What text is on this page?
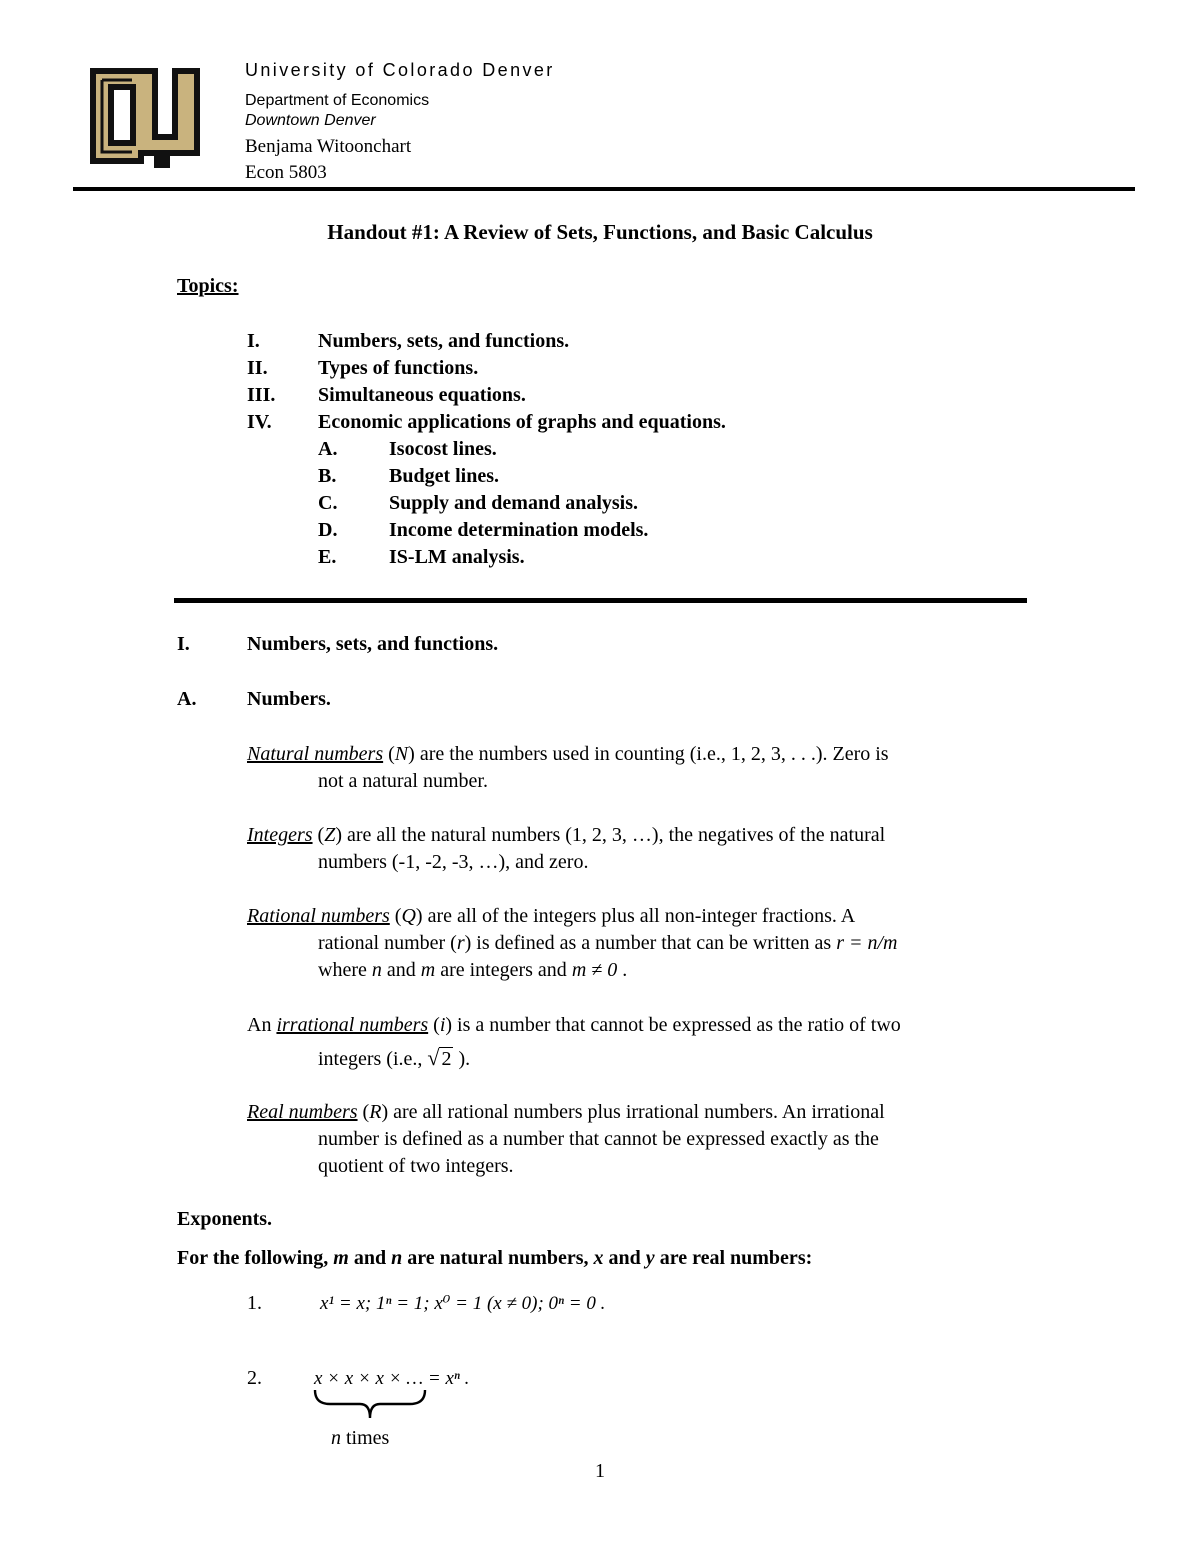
University of Colorado Denver
Department of Economics
Downtown Denver
Benjama Witoonchart
Econ 5803
Handout #1: A Review of Sets, Functions, and Basic Calculus
Topics:
I.	Numbers, sets, and functions.
II.	Types of functions.
III. Simultaneous equations.
IV. Economic applications of graphs and equations.
A.	Isocost lines.
B.	Budget lines.
C.	Supply and demand analysis.
D.	Income determination models.
E.	IS-LM analysis.
I.	Numbers, sets, and functions.
A.	Numbers.
Natural numbers (N) are the numbers used in counting (i.e., 1, 2, 3, . . .). Zero is
not a natural number.
Integers (Z) are all the natural numbers (1, 2, 3, …), the negatives of the natural
numbers (-1, -2, -3, …), and zero.
Rational numbers (Q) are all of the integers plus all non-integer fractions. A
rational number (r) is defined as a number that can be written as r = n/m
where n and m are integers and m ≠ 0 .
An irrational numbers (i) is a number that cannot be expressed as the ratio of two
integers (i.e., √ 2 ).
Real numbers (R) are all rational numbers plus irrational numbers. An irrational
number is defined as a number that cannot be expressed exactly as the
quotient of two integers.
Exponents.
For the following, m and n are natural numbers, x and y are real numbers:
1.	x¹ = x; 1ⁿ = 1; x⁰ = 1 (x ≠ 0); 0ⁿ = 0 .
2.	x × x × x × … = xⁿ .
n times
1
